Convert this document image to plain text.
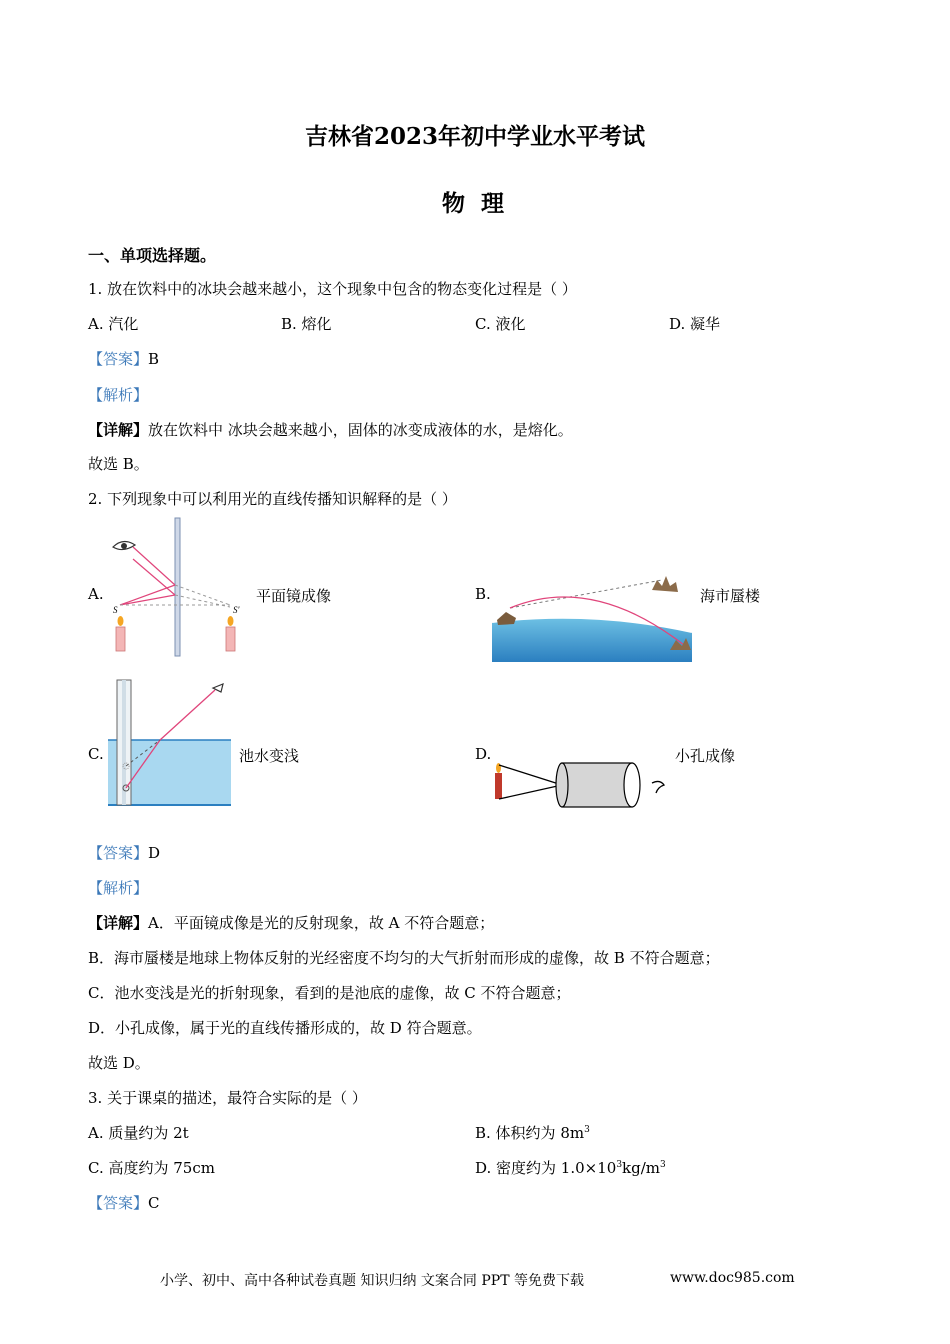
吉林省2023年初中学业水平考试
物 理
一、单项选择题。
1. 放在饮料中的冰块会越来越小，这个现象中包含的物态变化过程是（ ）
A. 汽化	B. 熔化	C. 液化	D. 凝华
【答案】B
【解析】
【详解】放在饮料中 冰块会越来越小，固体的冰变成液体的水，是熔化。
故选 B。
2. 下列现象中可以利用光的直线传播知识解释的是（ ）
A.
S	S'
平面镜成像	B.	海市蜃楼
C.	池水变浅	D.	小孔成像
【答案】D
【解析】
【详解】A．平面镜成像是光的反射现象，故 A 不符合题意；
B．海市蜃楼是地球上物体反射的光经密度不均匀的大气折射而形成的虚像，故 B 不符合题意；
C．池水变浅是光的折射现象，看到的是池底的虚像，故 C 不符合题意；
D．小孔成像，属于光的直线传播形成的，故 D 符合题意。
故选 D。
3. 关于课桌的描述，最符合实际的是（ ）
A. 质量约为 2t	B. 体积约为 $8m^3$
C. 高度约为 75cm	D. 密度约为 $1.0\times 10^3kg/m^3$
【答案】C
小学、初中、高中各种试卷真题 知识归纳 文案合同 PPT 等免费下载	www.doc985.com
